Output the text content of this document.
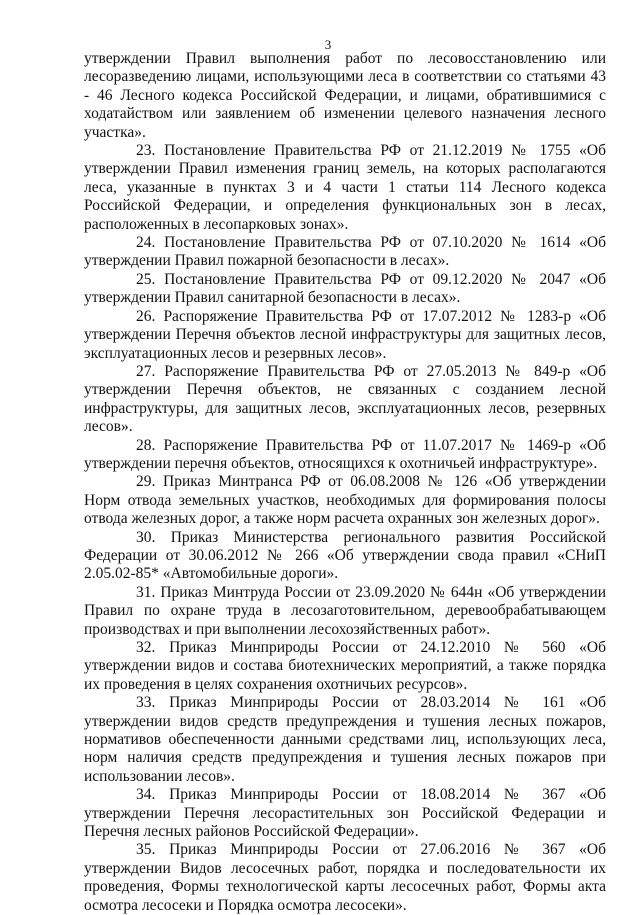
3

утверждении Правил выполнения работ по лесовосстановлению или лесоразведению лицами, использующими леса в соответствии со статьями 43 - 46 Лесного кодекса Российской Федерации, и лицами, обратившимися с ходатайством или заявлением об изменении целевого назначения лесного участка».

23. Постановление Правительства РФ от 21.12.2019 № 1755 «Об утверждении Правил изменения границ земель, на которых располагаются леса, указанные в пунктах 3 и 4 части 1 статьи 114 Лесного кодекса Российской Федерации, и определения функциональных зон в лесах, расположенных в лесопарковых зонах».

24. Постановление Правительства РФ от 07.10.2020 № 1614 «Об утверждении Правил пожарной безопасности в лесах».

25. Постановление Правительства РФ от 09.12.2020 № 2047 «Об утверждении Правил санитарной безопасности в лесах».

26. Распоряжение Правительства РФ от 17.07.2012 № 1283-р «Об утверждении Перечня объектов лесной инфраструктуры для защитных лесов, эксплуатационных лесов и резервных лесов».

27. Распоряжение Правительства РФ от 27.05.2013 № 849-р «Об утверждении Перечня объектов, не связанных с созданием лесной инфраструктуры, для защитных лесов, эксплуатационных лесов, резервных лесов».

28. Распоряжение Правительства РФ от 11.07.2017 № 1469-р «Об утверждении перечня объектов, относящихся к охотничьей инфраструктуре».

29. Приказ Минтранса РФ от 06.08.2008 № 126 «Об утверждении Норм отвода земельных участков, необходимых для формирования полосы отвода железных дорог, а также норм расчета охранных зон железных дорог».

30. Приказ Министерства регионального развития Российской Федерации от 30.06.2012 № 266 «Об утверждении свода правил «СНиП 2.05.02-85* «Автомобильные дороги».

31. Приказ Минтруда России от 23.09.2020 № 644н «Об утверждении Правил по охране труда в лесозаготовительном, деревообрабатывающем производствах и при выполнении лесохозяйственных работ».

32. Приказ Минприроды России от 24.12.2010 № 560 «Об утверждении видов и состава биотехнических мероприятий, а также порядка их проведения в целях сохранения охотничьих ресурсов».

33. Приказ Минприроды России от 28.03.2014 № 161 «Об утверждении видов средств предупреждения и тушения лесных пожаров, нормативов обеспеченности данными средствами лиц, использующих леса, норм наличия средств предупреждения и тушения лесных пожаров при использовании лесов».

34. Приказ Минприроды России от 18.08.2014 № 367 «Об утверждении Перечня лесорастительных зон Российской Федерации и Перечня лесных районов Российской Федерации».

35. Приказ Минприроды России от 27.06.2016 № 367 «Об утверждении Видов лесосечных работ, порядка и последовательности их проведения, Формы технологической карты лесосечных работ, Формы акта осмотра лесосеки и Порядка осмотра лесосеки».
